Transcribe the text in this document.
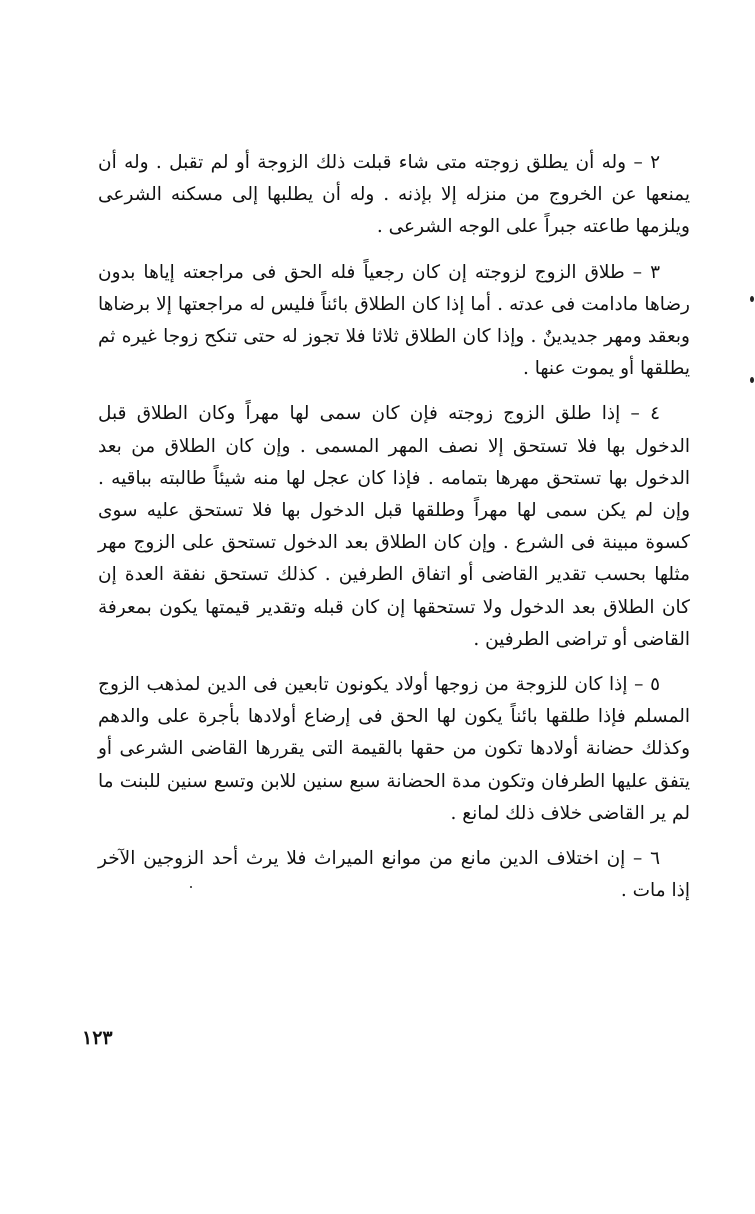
٢ – وله أن يطلق زوجته متى شاء قبلت ذلك الزوجة أو لم تقبل . وله أن يمنعها عن الخروج من منزله إلا بإذنه . وله أن يطلبها إلى مسكنه الشرعى ويلزمها طاعته جبراً على الوجه الشرعى .

٣ – طلاق الزوج لزوجته إن كان رجعياً فله الحق فى مراجعته إياها بدون رضاها مادامت فى عدته . أما إذا كان الطلاق بائناً فليس له مراجعتها إلا برضاها وبعقد ومهر جديدينٌ . وإذا كان الطلاق ثلاثا فلا تجوز له حتى تنكح زوجا غيره ثم يطلقها أو يموت عنها .

٤ – إذا طلق الزوج زوجته فإن كان سمى لها مهراً وكان الطلاق قبل الدخول بها فلا تستحق إلا نصف المهر المسمى . وإن كان الطلاق من بعد الدخول بها تستحق مهرها بتمامه . فإذا كان عجل لها منه شيئاً طالبته بباقيه . وإن لم يكن سمى لها مهراً وطلقها قبل الدخول بها فلا تستحق عليه سوى كسوة مبينة فى الشرع . وإن كان الطلاق بعد الدخول تستحق على الزوج مهر مثلها بحسب تقدير القاضى أو اتفاق الطرفين . كذلك تستحق نفقة العدة إن كان الطلاق بعد الدخول ولا تستحقها إن كان قبله وتقدير قيمتها يكون بمعرفة القاضى أو تراضى الطرفين .

٥ – إذا كان للزوجة من زوجها أولاد يكونون تابعين فى الدين لمذهب الزوج المسلم فإذا طلقها بائناً يكون لها الحق فى إرضاع أولادها بأجرة على والدهم وكذلك حضانة أولادها تكون من حقها بالقيمة التى يقررها القاضى الشرعى أو يتفق عليها الطرفان وتكون مدة الحضانة سبع سنين للابن وتسع سنين للبنت ما لم ير القاضى خلاف ذلك لمانع .

٦ – إن اختلاف الدين مانع من موانع الميراث فلا يرث أحد الزوجين الآخر إذا مات .

١٢٣
